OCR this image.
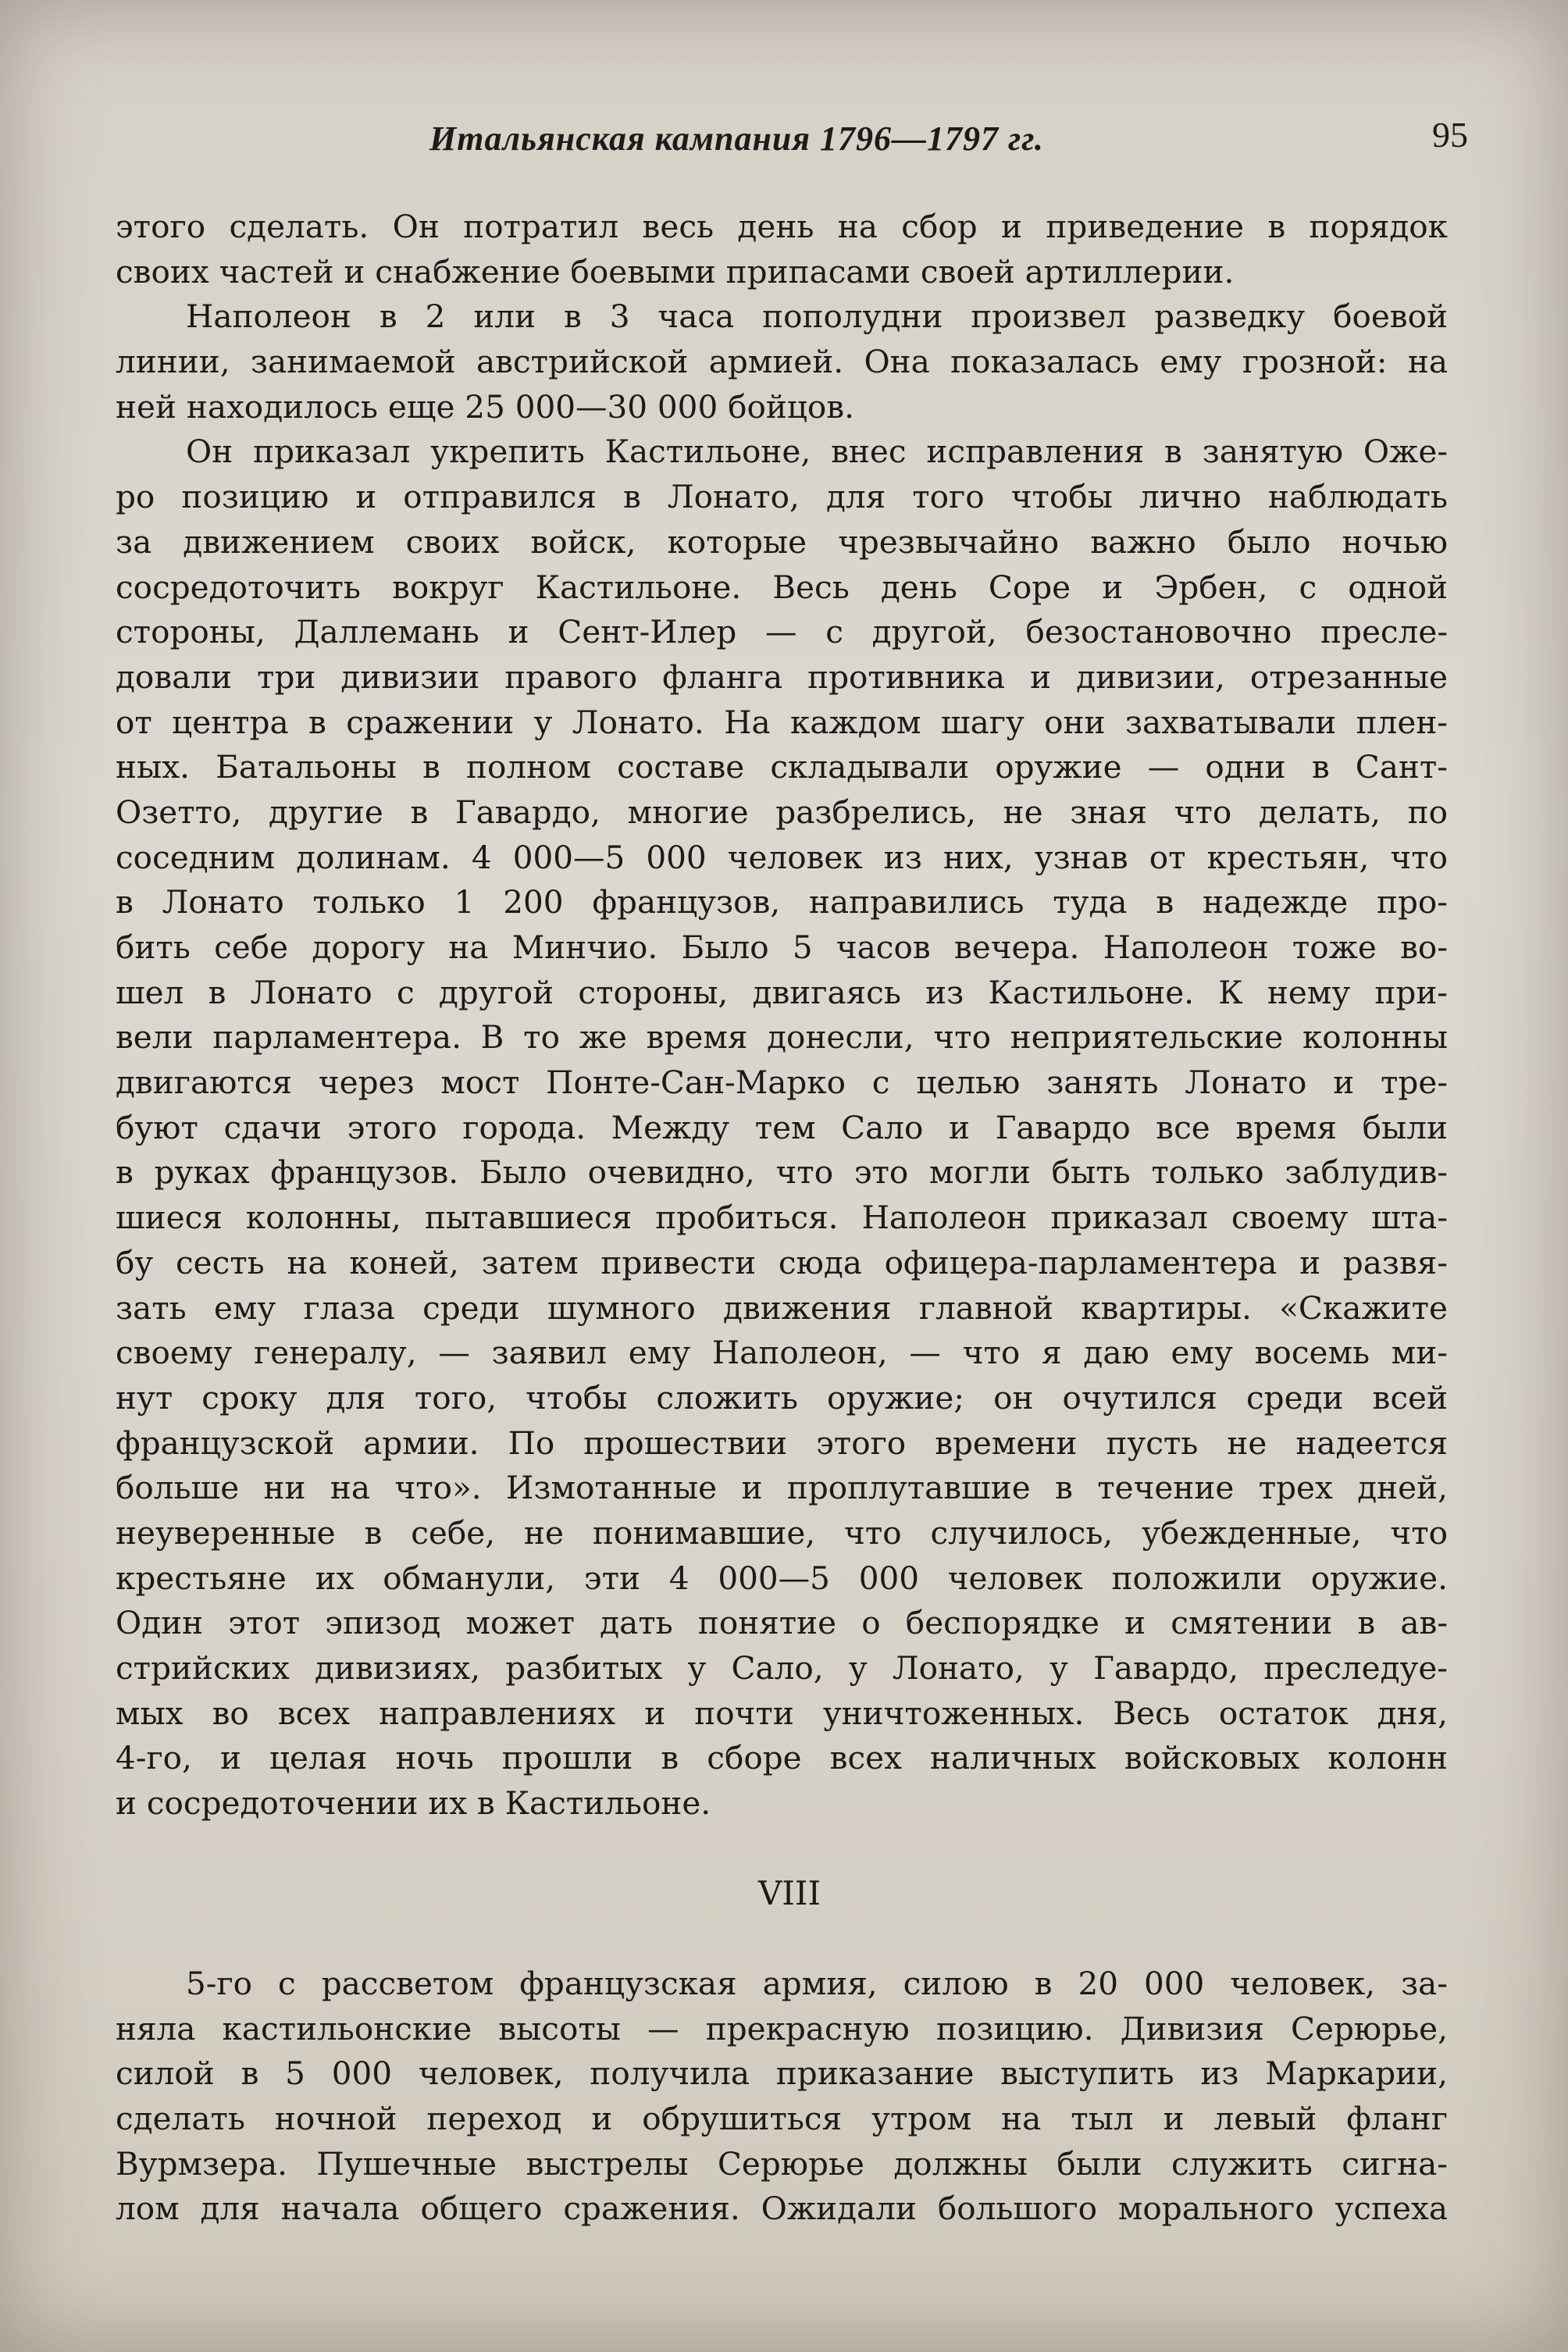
Итальянская кампания 1796—1797 гг.	95
этого сделать. Он потратил весь день на сбор и приведение в порядок
своих частей и снабжение боевыми припасами своей артиллерии.
Наполеон в 2 или в 3 часа пополудни произвел разведку боевой
линии, занимаемой австрийской армией. Она показалась ему грозной: на
ней находилось еще 25 000—30 000 бойцов.
Он приказал укрепить Кастильоне, внес исправления в занятую Оже-
ро позицию и отправился в Лонато, для того чтобы лично наблюдать
за движением своих войск, которые чрезвычайно важно было ночью
сосредоточить вокруг Кастильоне. Весь день Соре и Эрбен, с одной
стороны, Даллемань и Сент-Илер — с другой, безостановочно пресле-
довали три дивизии правого фланга противника и дивизии, отрезанные
от центра в сражении у Лонато. На каждом шагу они захватывали плен-
ных. Батальоны в полном составе складывали оружие — одни в Сант-
Озетто, другие в Гавардо, многие разбрелись, не зная что делать, по
соседним долинам. 4 000—5 000 человек из них, узнав от крестьян, что
в Лонато только 1 200 французов, направились туда в надежде про-
бить себе дорогу на Минчио. Было 5 часов вечера. Наполеон тоже во-
шел в Лонато с другой стороны, двигаясь из Кастильоне. К нему при-
вели парламентера. В то же время донесли, что неприятельские колонны
двигаются через мост Понте-Сан-Марко с целью занять Лонато и тре-
буют сдачи этого города. Между тем Сало и Гавардо все время были
в руках французов. Было очевидно, что это могли быть только заблудив-
шиеся колонны, пытавшиеся пробиться. Наполеон приказал своему шта-
бу сесть на коней, затем привести сюда офицера-парламентера и развя-
зать ему глаза среди шумного движения главной квартиры. «Скажите
своему генералу, — заявил ему Наполеон, — что я даю ему восемь ми-
нут сроку для того, чтобы сложить оружие; он очутился среди всей
французской армии. По прошествии этого времени пусть не надеется
больше ни на что». Измотанные и проплутавшие в течение трех дней,
неуверенные в себе, не понимавшие, что случилось, убежденные, что
крестьяне их обманули, эти 4 000—5 000 человек положили оружие.
Один этот эпизод может дать понятие о беспорядке и смятении в ав-
стрийских дивизиях, разбитых у Сало, у Лонато, у Гавардо, преследуе-
мых во всех направлениях и почти уничтоженных. Весь остаток дня,
4-го, и целая ночь прошли в сборе всех наличных войсковых колонн
и сосредоточении их в Кастильоне.
VIII
5-го с рассветом французская армия, силою в 20 000 человек, за-
няла кастильонские высоты — прекрасную позицию. Дивизия Серюрье,
силой в 5 000 человек, получила приказание выступить из Маркарии,
сделать ночной переход и обрушиться утром на тыл и левый фланг
Вурмзера. Пушечные выстрелы Серюрье должны были служить сигна-
лом для начала общего сражения. Ожидали большого морального успеха
